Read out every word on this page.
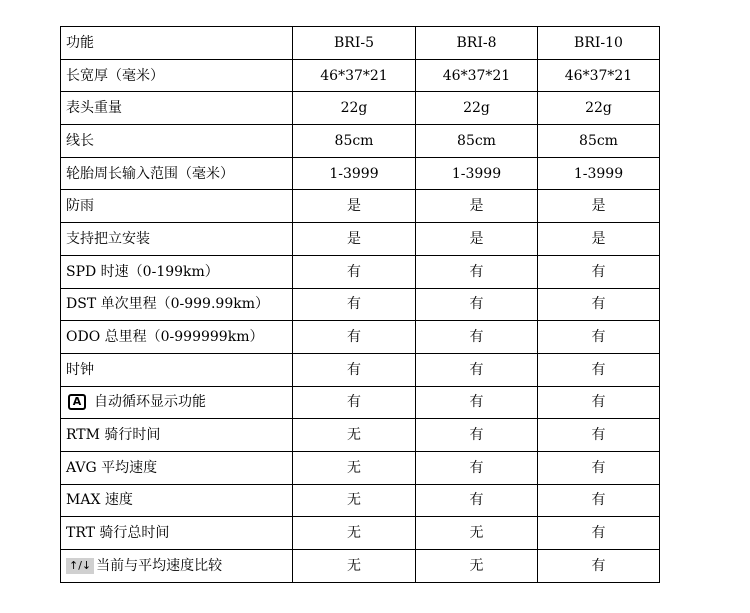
功能	BRI-5	BRI-8	BRI-10
长宽厚（毫米）	46*37*21	46*37*21	46*37*21
表头重量	22g	22g	22g
线长	85cm	85cm	85cm
轮胎周长输入范围（毫米）	1-3999	1-3999	1-3999
防雨	是	是	是
支持把立安装	是	是	是
SPD 时速（0-199km）	有	有	有
DST 单次里程（0-999.99km）	有	有	有
ODO 总里程（0-999999km）	有	有	有
时钟	有	有	有
A 自动循环显示功能	有	有	有
RTM 骑行时间	无	有	有
AVG 平均速度	无	有	有
MAX 速度	无	有	有
TRT 骑行总时间	无	无	有
↑/↓ 当前与平均速度比较	无	无	有
